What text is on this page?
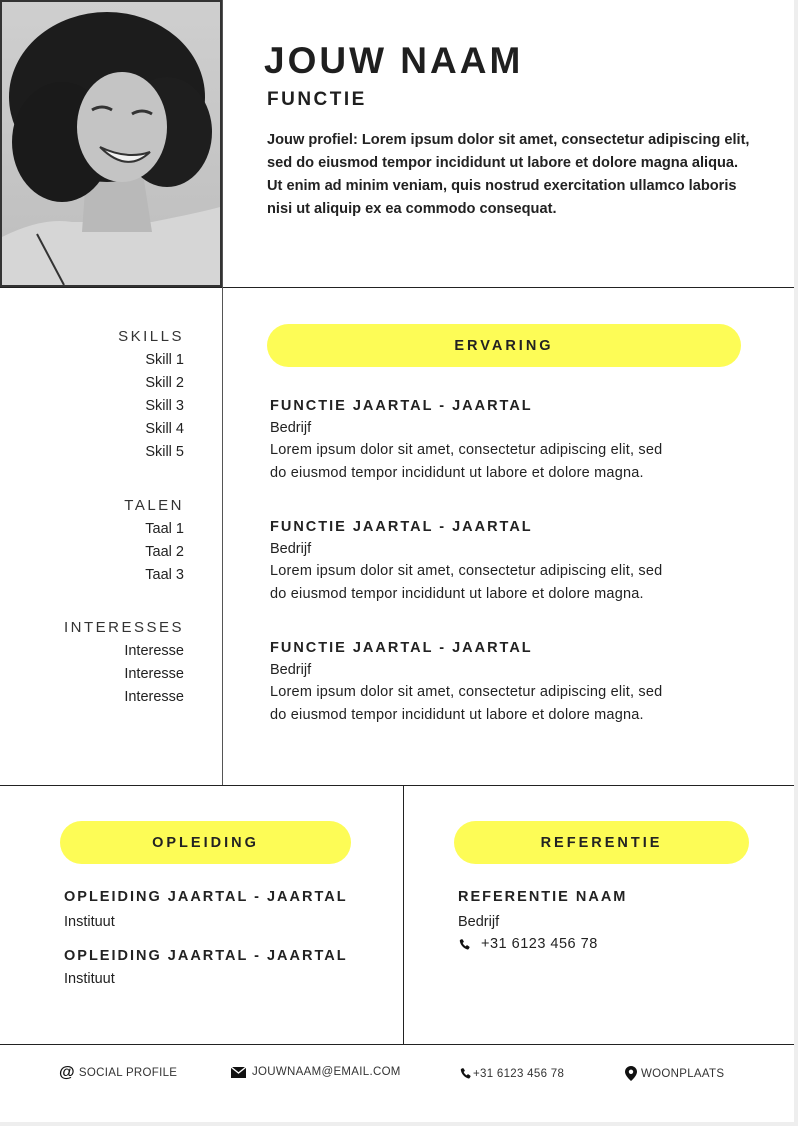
JOUW NAAM
FUNCTIE
Jouw profiel: Lorem ipsum dolor sit amet, consectetur adipiscing elit, sed do eiusmod tempor incididunt ut labore et dolore magna aliqua. Ut enim ad minim veniam, quis nostrud exercitation ullamco laboris nisi ut aliquip ex ea commodo consequat.
SKILLS
Skill 1
Skill 2
Skill 3
Skill 4
Skill 5
TALEN
Taal 1
Taal 2
Taal 3
INTERESSES
Interesse
Interesse
Interesse
ERVARING
FUNCTIE JAARTAL - JAARTAL
Bedrijf
Lorem ipsum dolor sit amet, consectetur adipiscing elit, sed
do eiusmod tempor incididunt ut labore et dolore magna.
FUNCTIE JAARTAL - JAARTAL
Bedrijf
Lorem ipsum dolor sit amet, consectetur adipiscing elit, sed
do eiusmod tempor incididunt ut labore et dolore magna.
FUNCTIE JAARTAL - JAARTAL
Bedrijf
Lorem ipsum dolor sit amet, consectetur adipiscing elit, sed
do eiusmod tempor incididunt ut labore et dolore magna.
OPLEIDING
OPLEIDING JAARTAL - JAARTAL
Instituut
OPLEIDING JAARTAL - JAARTAL
Instituut
REFERENTIE
REFERENTIE NAAM
Bedrijf
+31 6123 456 78
@ SOCIAL PROFILE	JOUWNAAM@EMAIL.COM	+31 6123 456 78	WOONPLAATS
